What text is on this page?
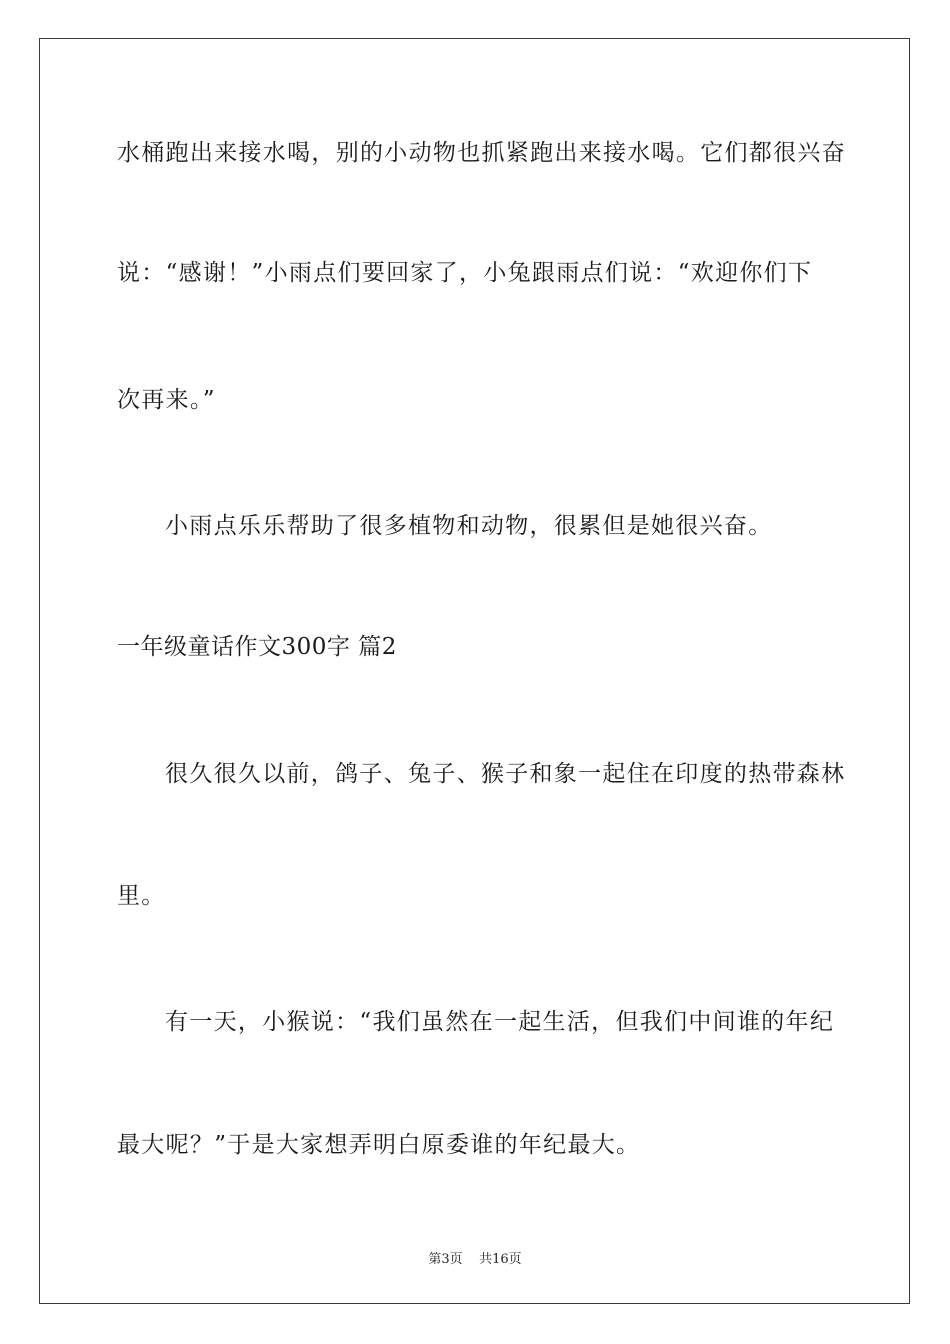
水桶跑出来接水喝，别的小动物也抓紧跑出来接水喝。它们都很兴奋
说：“感谢！”小雨点们要回家了，小兔跟雨点们说：“欢迎你们下
次再来。”
小雨点乐乐帮助了很多植物和动物，很累但是她很兴奋。
一年级童话作文300字 篇2
很久很久以前，鸽子、兔子、猴子和象一起住在印度的热带森林
里。
有一天，小猴说：“我们虽然在一起生活，但我们中间谁的年纪
最大呢？”于是大家想弄明白原委谁的年纪最大。
第3页    共16页
